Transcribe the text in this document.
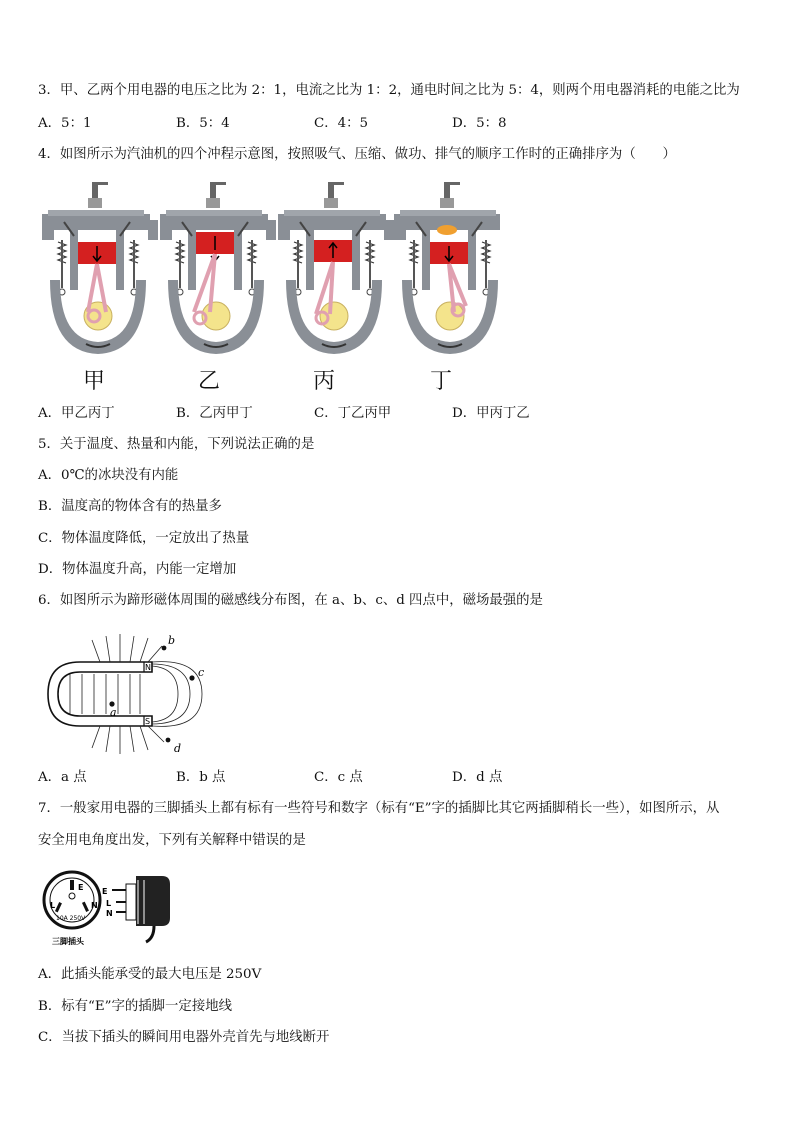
3．甲、乙两个用电器的电压之比为 2：1，电流之比为 1：2，通电时间之比为 5：4，则两个用电器消耗的电能之比为
A．5：1	B．5：4	C．4：5	D．5：8
4．如图所示为汽油机的四个冲程示意图，按照吸气、压缩、做功、排气的顺序工作时的正确排序为（　　）
甲	乙	丙	丁
A．甲乙丙丁	B．乙丙甲丁	C．丁乙丙甲	D．甲丙丁乙
5．关于温度、热量和内能，下列说法正确的是
A．0℃的冰块没有内能
B．温度高的物体含有的热量多
C．物体温度降低，一定放出了热量
D．物体温度升高，内能一定增加
6．如图所示为蹄形磁体周围的磁感线分布图，在 a、b、c、d 四点中，磁场最强的是
N
S
a
b
c
d
A．a 点	B．b 点	C．c 点	D．d 点
7．一般家用电器的三脚插头上都有标有一些符号和数字（标有“E”字的插脚比其它两插脚稍长一些），如图所示，从
安全用电角度出发，下列有关解释中错误的是
E
L	N
10A 250V
三脚插头
E
L
N
A．此插头能承受的最大电压是 250V
B．标有“E”字的插脚一定接地线
C．当拔下插头的瞬间用电器外壳首先与地线断开
